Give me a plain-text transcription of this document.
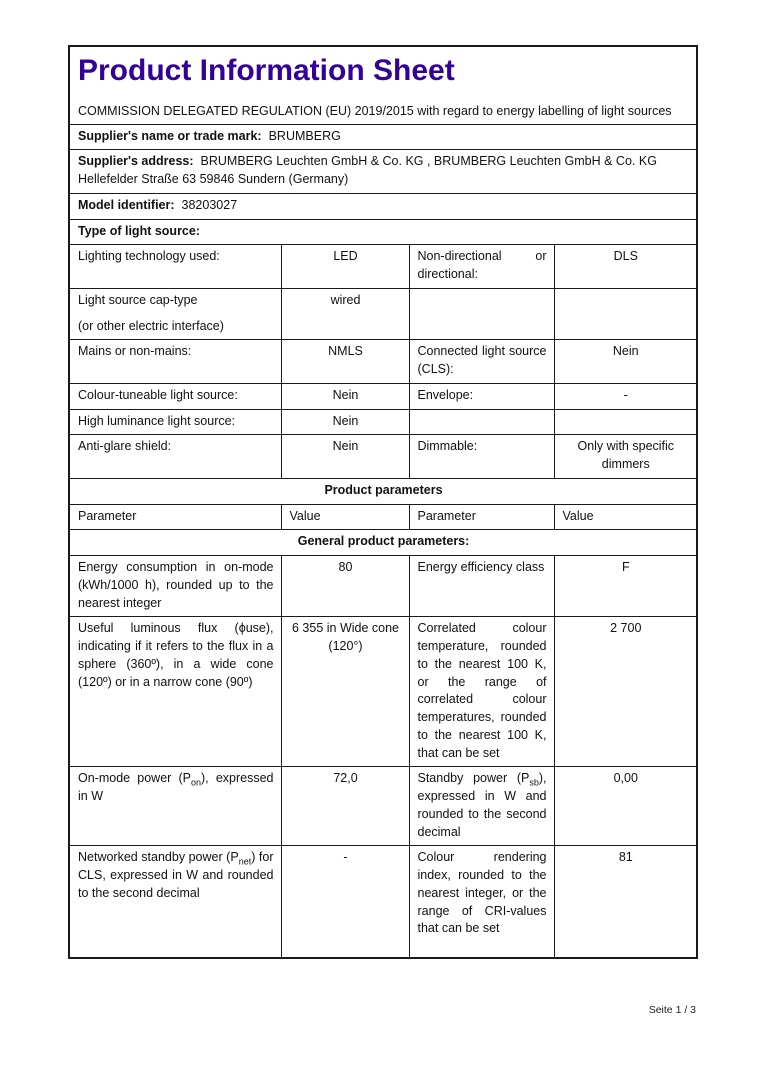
Product Information Sheet

COMMISSION DELEGATED REGULATION (EU) 2019/2015 with regard to energy labelling of light sources

Supplier's name or trade mark: BRUMBERG			
Supplier's address: BRUMBERG Leuchten GmbH & Co. KG , BRUMBERG Leuchten GmbH & Co. KG Hellefelder Straße 63 59846 Sundern (Germany)			
Model identifier: 38203027			
Type of light source:			
Lighting technology used:	LED	Non-directional or directional:	DLS

Light source cap-type
(or other electric interface)	wired		
Mains or non-mains:	NMLS	Connected light source (CLS):	Nein
Colour-tuneable light source:	Nein	Envelope:	-
High luminance light source:	Nein		
Anti-glare shield:	Nein	Dimmable:	Only with specific dimmers
Product parameters			
Parameter	Value	Parameter	Value
General product parameters:			
Energy consumption in on-mode (kWh/1000 h), rounded up to the nearest integer	80	Energy efficiency class	F
Useful luminous flux (ϕuse), indicating if it refers to the flux in a sphere (360º), in a wide cone (120º) or in a narrow cone (90º)	6 355 in Wide cone (120°)	Correlated colour temperature, rounded to the nearest 100 K, or the range of correlated colour temperatures, rounded to the nearest 100 K, that can be set	2 700
On-mode power $(P_{on})$, expressed in W	72,0	Standby power $(P_{sb})$, expressed in W and rounded to the second decimal	0,00
Networked standby power $(P_{net})$ for CLS, expressed in W and rounded to the second decimal	-	Colour rendering index, rounded to the nearest integer, or the range of CRI-values that can be set	81
Seite 1 / 3
